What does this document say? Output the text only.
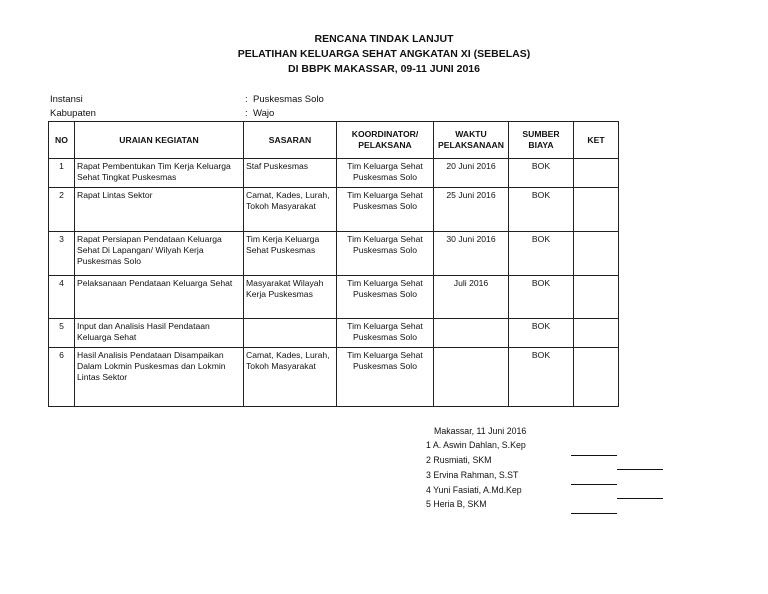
RENCANA TINDAK LANJUT
PELATIHAN KELUARGA SEHAT ANGKATAN XI (SEBELAS)
DI BBPK MAKASSAR, 09-11 JUNI 2016
Instansi	: Puskesmas Solo
Kabupaten	: Wajo
NO	URAIAN KEGIATAN	SASARAN	KOORDINATOR/ PELAKSANA	WAKTU PELAKSANAAN	SUMBER BIAYA	KET
1	Rapat Pembentukan Tim Kerja Keluarga Sehat Tingkat Puskesmas	Staf Puskesmas	Tim Keluarga Sehat Puskesmas Solo	20 Juni 2016	BOK	
2	Rapat Lintas Sektor	Camat, Kades, Lurah, Tokoh Masyarakat	Tim Keluarga Sehat Puskesmas Solo	25 Juni 2016	BOK	
3	Rapat Persiapan Pendataan Keluarga Sehat Di Lapangan/ Wilyah Kerja Puskesmas Solo	Tim Kerja Keluarga Sehat Puskesmas	Tim Keluarga Sehat Puskesmas Solo	30 Juni 2016	BOK	
4	Pelaksanaan Pendataan Keluarga Sehat	Masyarakat Wilayah Kerja Puskesmas	Tim Keluarga Sehat Puskesmas Solo	Juli 2016	BOK	
5	Input dan Analisis Hasil Pendataan Keluarga Sehat		Tim Keluarga Sehat Puskesmas Solo		BOK	
6	Hasil Analisis Pendataan Disampaikan Dalam Lokmin Puskesmas dan Lokmin Lintas Sektor	Camat, Kades, Lurah, Tokoh Masyarakat	Tim Keluarga Sehat Puskesmas Solo		BOK	
Makassar, 11 Juni 2016
1 A. Aswin Dahlan, S.Kep
2 Rusmiati, SKM
3 Ervina Rahman, S.ST
4 Yuni Fasiati, A.Md.Kep
5 Heria B, SKM
